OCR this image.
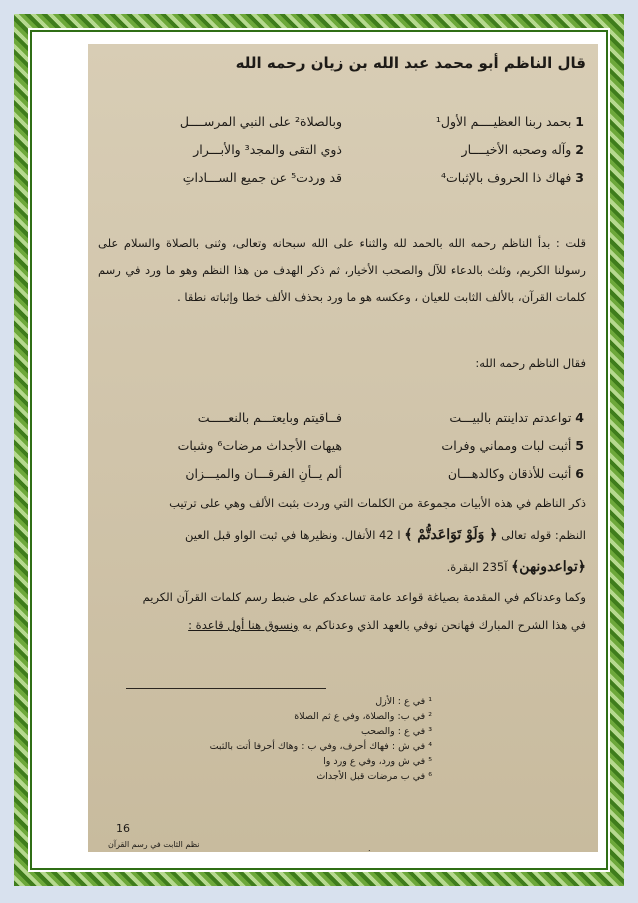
قال الناظم أبو محمد عبد الله بن زيان رحمه الله
1 بحمد ربنا العظيــــم الأول¹
وبالصلاة² على النبي المرســــل
2 وآله وصحبه الأخيــــار
ذوي التقى والمجد³ والأبـــرار
3 فهاك ذا الحروف بالإثبات⁴
قد وردت⁵ عن جميع الســـاداتِ
قلت : بدأ الناظم رحمه الله بالحمد لله والثناء على الله سبحانه وتعالى، وثنى بالصلاة والسلام على رسولنا الكريم، وثلث بالدعاء للآل والصحب الأخيار، ثم ذكر الهدف من هذا النظم وهو ما ورد في رسم كلمات القرآن، بالألف الثابت للعيان ، وعكسه هو ما ورد بحذف الألف خطا وإثباته نطقا .
فقال الناظم رحمه الله:
4 تواعدتم تداينتم بالبيـــت
فــاقيتم وبايعتـــم بالنعـــــت
5 أثبت لبات ومماني وفرات
هيهات الأجداث مرضات⁶ وشبات
6 أثبت للأذقان وكالدهـــان
ألم يــأنِ الفرقـــان والميـــزان
ذكر الناظم في هذه الأبيات مجموعة من الكلمات التي وردت بثبت الألف وهي على ترتيب
النظم: قوله تعالى ﴿ وَلَوْ تَوَاعَدتُّمْ ﴾ ا 42 الأنفال. ونظيرها في ثبت الواو قبل العين
﴿تواعدونهن﴾ آ235 البقرة.
وكما وعدناكم في المقدمة بصياغة قواعد عامة تساعدكم على ضبط رسم كلمات القرآن الكريم
في هذا الشرح المبارك فهانحن نوفي بالعهد الذي وعدناكم به ونسوق هنا أول قاعدة :
¹ في ع : الأزل
² في ب: والصلاة، وفي ع ثم الصلاة
³ في ع : والصحب
⁴ في ش : فهاك أحرف، وفي ب : وهاك أحرفا أتت بالثبت
⁵ في ش ورد، وفي ع ورد وا
⁶ في ب مرضات قبل الأجداث
16
نظم الثابت في رسم القرآن	.
